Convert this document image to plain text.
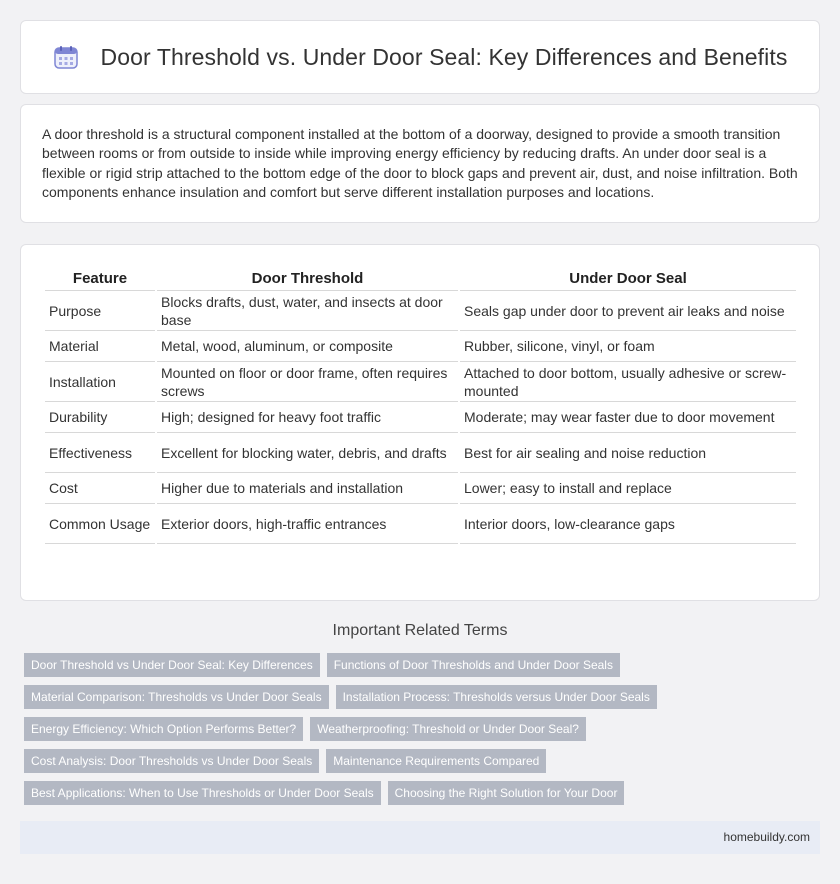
Door Threshold vs. Under Door Seal: Key Differences and Benefits

A door threshold is a structural component installed at the bottom of a doorway, designed to provide a smooth transition between rooms or from outside to inside while improving energy efficiency by reducing drafts. An under door seal is a flexible or rigid strip attached to the bottom edge of the door to block gaps and prevent air, dust, and noise infiltration. Both components enhance insulation and comfort but serve different installation purposes and locations.

Feature	Door Threshold	Under Door Seal
Purpose	Blocks drafts, dust, water, and insects at door base	Seals gap under door to prevent air leaks and noise
Material	Metal, wood, aluminum, or composite	Rubber, silicone, vinyl, or foam
Installation	Mounted on floor or door frame, often requires screws	Attached to door bottom, usually adhesive or screw-mounted
Durability	High; designed for heavy foot traffic	Moderate; may wear faster due to door movement
Effectiveness	Excellent for blocking water, debris, and drafts	Best for air sealing and noise reduction
Cost	Higher due to materials and installation	Lower; easy to install and replace
Common Usage	Exterior doors, high-traffic entrances	Interior doors, low-clearance gaps
Important Related Terms
Door Threshold vs Under Door Seal: Key Differences	Functions of Door Thresholds and Under Door Seals
Material Comparison: Thresholds vs Under Door Seals	Installation Process: Thresholds versus Under Door Seals
Energy Efficiency: Which Option Performs Better?	Weatherproofing: Threshold or Under Door Seal?
Cost Analysis: Door Thresholds vs Under Door Seals	Maintenance Requirements Compared
Best Applications: When to Use Thresholds or Under Door Seals	Choosing the Right Solution for Your Door
homebuildy.com
